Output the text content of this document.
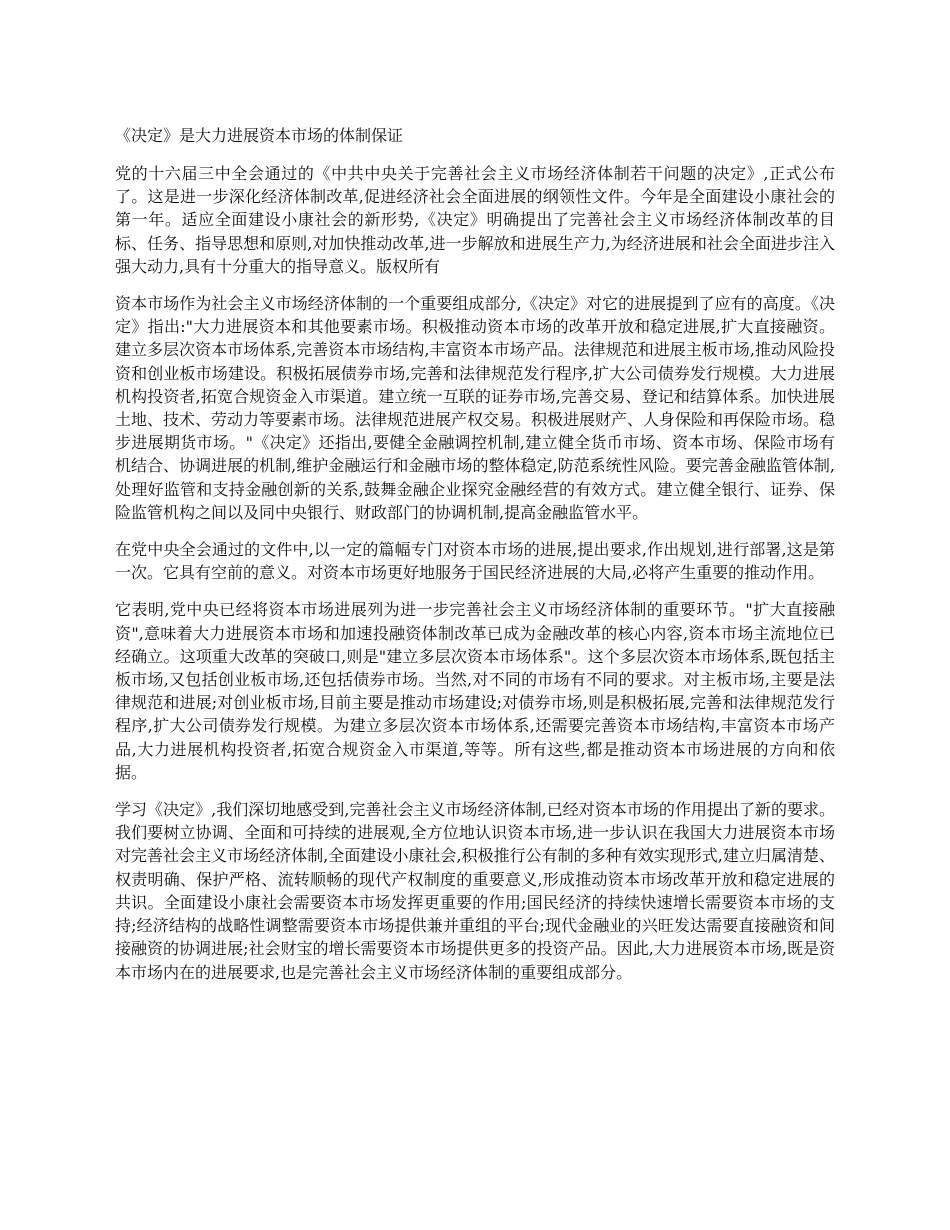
《决定》是大力进展资本市场的体制保证

党的十六届三中全会通过的《中共中央关于完善社会主义市场经济体制若干问题的决定》,正式公布了。这是进一步深化经济体制改革,促进经济社会全面进展的纲领性文件。今年是全面建设小康社会的第一年。适应全面建设小康社会的新形势,《决定》明确提出了完善社会主义市场经济体制改革的目标、任务、指导思想和原则,对加快推动改革,进一步解放和进展生产力,为经济进展和社会全面进步注入强大动力,具有十分重大的指导意义。版权所有

资本市场作为社会主义市场经济体制的一个重要组成部分,《决定》对它的进展提到了应有的高度。《决定》指出:"大力进展资本和其他要素市场。积极推动资本市场的改革开放和稳定进展,扩大直接融资。建立多层次资本市场体系,完善资本市场结构,丰富资本市场产品。法律规范和进展主板市场,推动风险投资和创业板市场建设。积极拓展债券市场,完善和法律规范发行程序,扩大公司债券发行规模。大力进展机构投资者,拓宽合规资金入市渠道。建立统一互联的证券市场,完善交易、登记和结算体系。加快进展土地、技术、劳动力等要素市场。法律规范进展产权交易。积极进展财产、人身保险和再保险市场。稳步进展期货市场。"《决定》还指出,要健全金融调控机制,建立健全货币市场、资本市场、保险市场有机结合、协调进展的机制,维护金融运行和金融市场的整体稳定,防范系统性风险。要完善金融监管体制,处理好监管和支持金融创新的关系,鼓舞金融企业探究金融经营的有效方式。建立健全银行、证券、保险监管机构之间以及同中央银行、财政部门的协调机制,提高金融监管水平。

在党中央全会通过的文件中,以一定的篇幅专门对资本市场的进展,提出要求,作出规划,进行部署,这是第一次。它具有空前的意义。对资本市场更好地服务于国民经济进展的大局,必将产生重要的推动作用。

它表明,党中央已经将资本市场进展列为进一步完善社会主义市场经济体制的重要环节。"扩大直接融资",意味着大力进展资本市场和加速投融资体制改革已成为金融改革的核心内容,资本市场主流地位已经确立。这项重大改革的突破口,则是"建立多层次资本市场体系"。这个多层次资本市场体系,既包括主板市场,又包括创业板市场,还包括债券市场。当然,对不同的市场有不同的要求。对主板市场,主要是法律规范和进展;对创业板市场,目前主要是推动市场建设;对债券市场,则是积极拓展,完善和法律规范发行程序,扩大公司债券发行规模。为建立多层次资本市场体系,还需要完善资本市场结构,丰富资本市场产品,大力进展机构投资者,拓宽合规资金入市渠道,等等。所有这些,都是推动资本市场进展的方向和依据。

学习《决定》,我们深切地感受到,完善社会主义市场经济体制,已经对资本市场的作用提出了新的要求。我们要树立协调、全面和可持续的进展观,全方位地认识资本市场,进一步认识在我国大力进展资本市场对完善社会主义市场经济体制,全面建设小康社会,积极推行公有制的多种有效实现形式,建立归属清楚、权责明确、保护严格、流转顺畅的现代产权制度的重要意义,形成推动资本市场改革开放和稳定进展的共识。全面建设小康社会需要资本市场发挥更重要的作用;国民经济的持续快速增长需要资本市场的支持;经济结构的战略性调整需要资本市场提供兼并重组的平台;现代金融业的兴旺发达需要直接融资和间接融资的协调进展;社会财宝的增长需要资本市场提供更多的投资产品。因此,大力进展资本市场,既是资本市场内在的进展要求,也是完善社会主义市场经济体制的重要组成部分。
